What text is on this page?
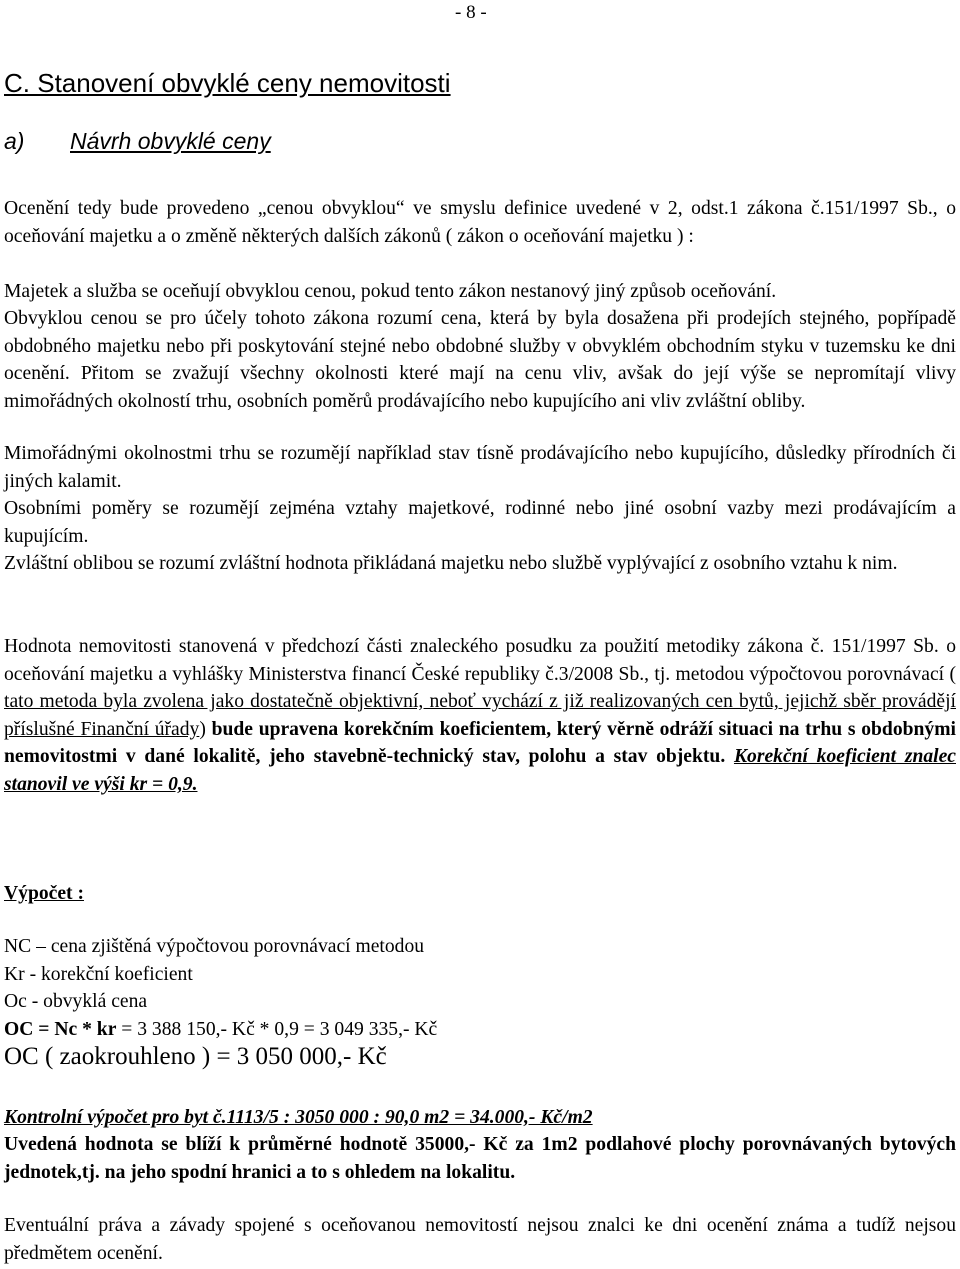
- 8 -
C. Stanovení obvyklé ceny nemovitosti
a) Návrh obvyklé ceny
Ocenění tedy bude provedeno „cenou obvyklou“ ve smyslu definice uvedené v 2, odst.1 zákona č.151/1997 Sb., o oceňování majetku a o změně některých dalších zákonů ( zákon o oceňování majetku ) :
Majetek a služba se oceňují obvyklou cenou, pokud tento zákon nestanový jiný způsob oceňování.
Obvyklou cenou se pro účely tohoto zákona rozumí cena, která by byla dosažena při prodejích stejného, popřípadě obdobného majetku nebo při poskytování stejné nebo obdobné služby v obvyklém obchodním styku v tuzemsku ke dni ocenění. Přitom se zvažují všechny okolnosti které mají na cenu vliv, avšak do její výše se nepromítají vlivy mimořádných okolností trhu, osobních poměrů prodávajícího nebo kupujícího ani vliv zvláštní obliby.
Mimořádnými okolnostmi trhu se rozumějí například stav tísně prodávajícího nebo kupujícího, důsledky přírodních či jiných kalamit.
Osobními poměry se rozumějí zejména vztahy majetkové, rodinné nebo jiné osobní vazby mezi prodávajícím a kupujícím.
Zvláštní oblibou se rozumí zvláštní hodnota přikládaná majetku nebo službě vyplývající z osobního vztahu k nim.
Hodnota nemovitosti stanovená v předchozí části znaleckého posudku za použití metodiky zákona č. 151/1997 Sb. o oceňování majetku a vyhlášky Ministerstva financí České republiky č.3/2008 Sb., tj. metodou výpočtovou porovnávací ( tato metoda byla zvolena jako dostatečně objektivní, neboť vychází z již realizovaných cen bytů, jejichž sběr provádějí příslušné Finanční úřady) bude upravena korekčním koeficientem, který věrně odráží situaci na trhu s obdobnými nemovitostmi v dané lokalitě, jeho stavebně-technický stav, polohu a stav objektu. Korekční koeficient znalec stanovil ve výši kr = 0,9.
Výpočet :
NC – cena zjištěná výpočtovou porovnávací metodou
Kr - korekční koeficient
Oc - obvyklá cena
OC = Nc * kr = 3 388 150,- Kč * 0,9 = 3 049 335,- Kč
OC ( zaokrouhleno ) = 3 050 000,- Kč
Kontrolní výpočet pro byt č.1113/5 : 3050 000 : 90,0 m2 = 34.000,- Kč/m2
Uvedená hodnota se blíží k průměrné hodnotě 35000,- Kč za 1m2 podlahové plochy porovnávaných bytových jednotek,tj. na jeho spodní hranici a to s ohledem na lokalitu.
Eventuální práva a závady spojené s oceňovanou nemovitostí nejsou znalci ke dni ocenění známa a tudíž nejsou předmětem ocenění.
